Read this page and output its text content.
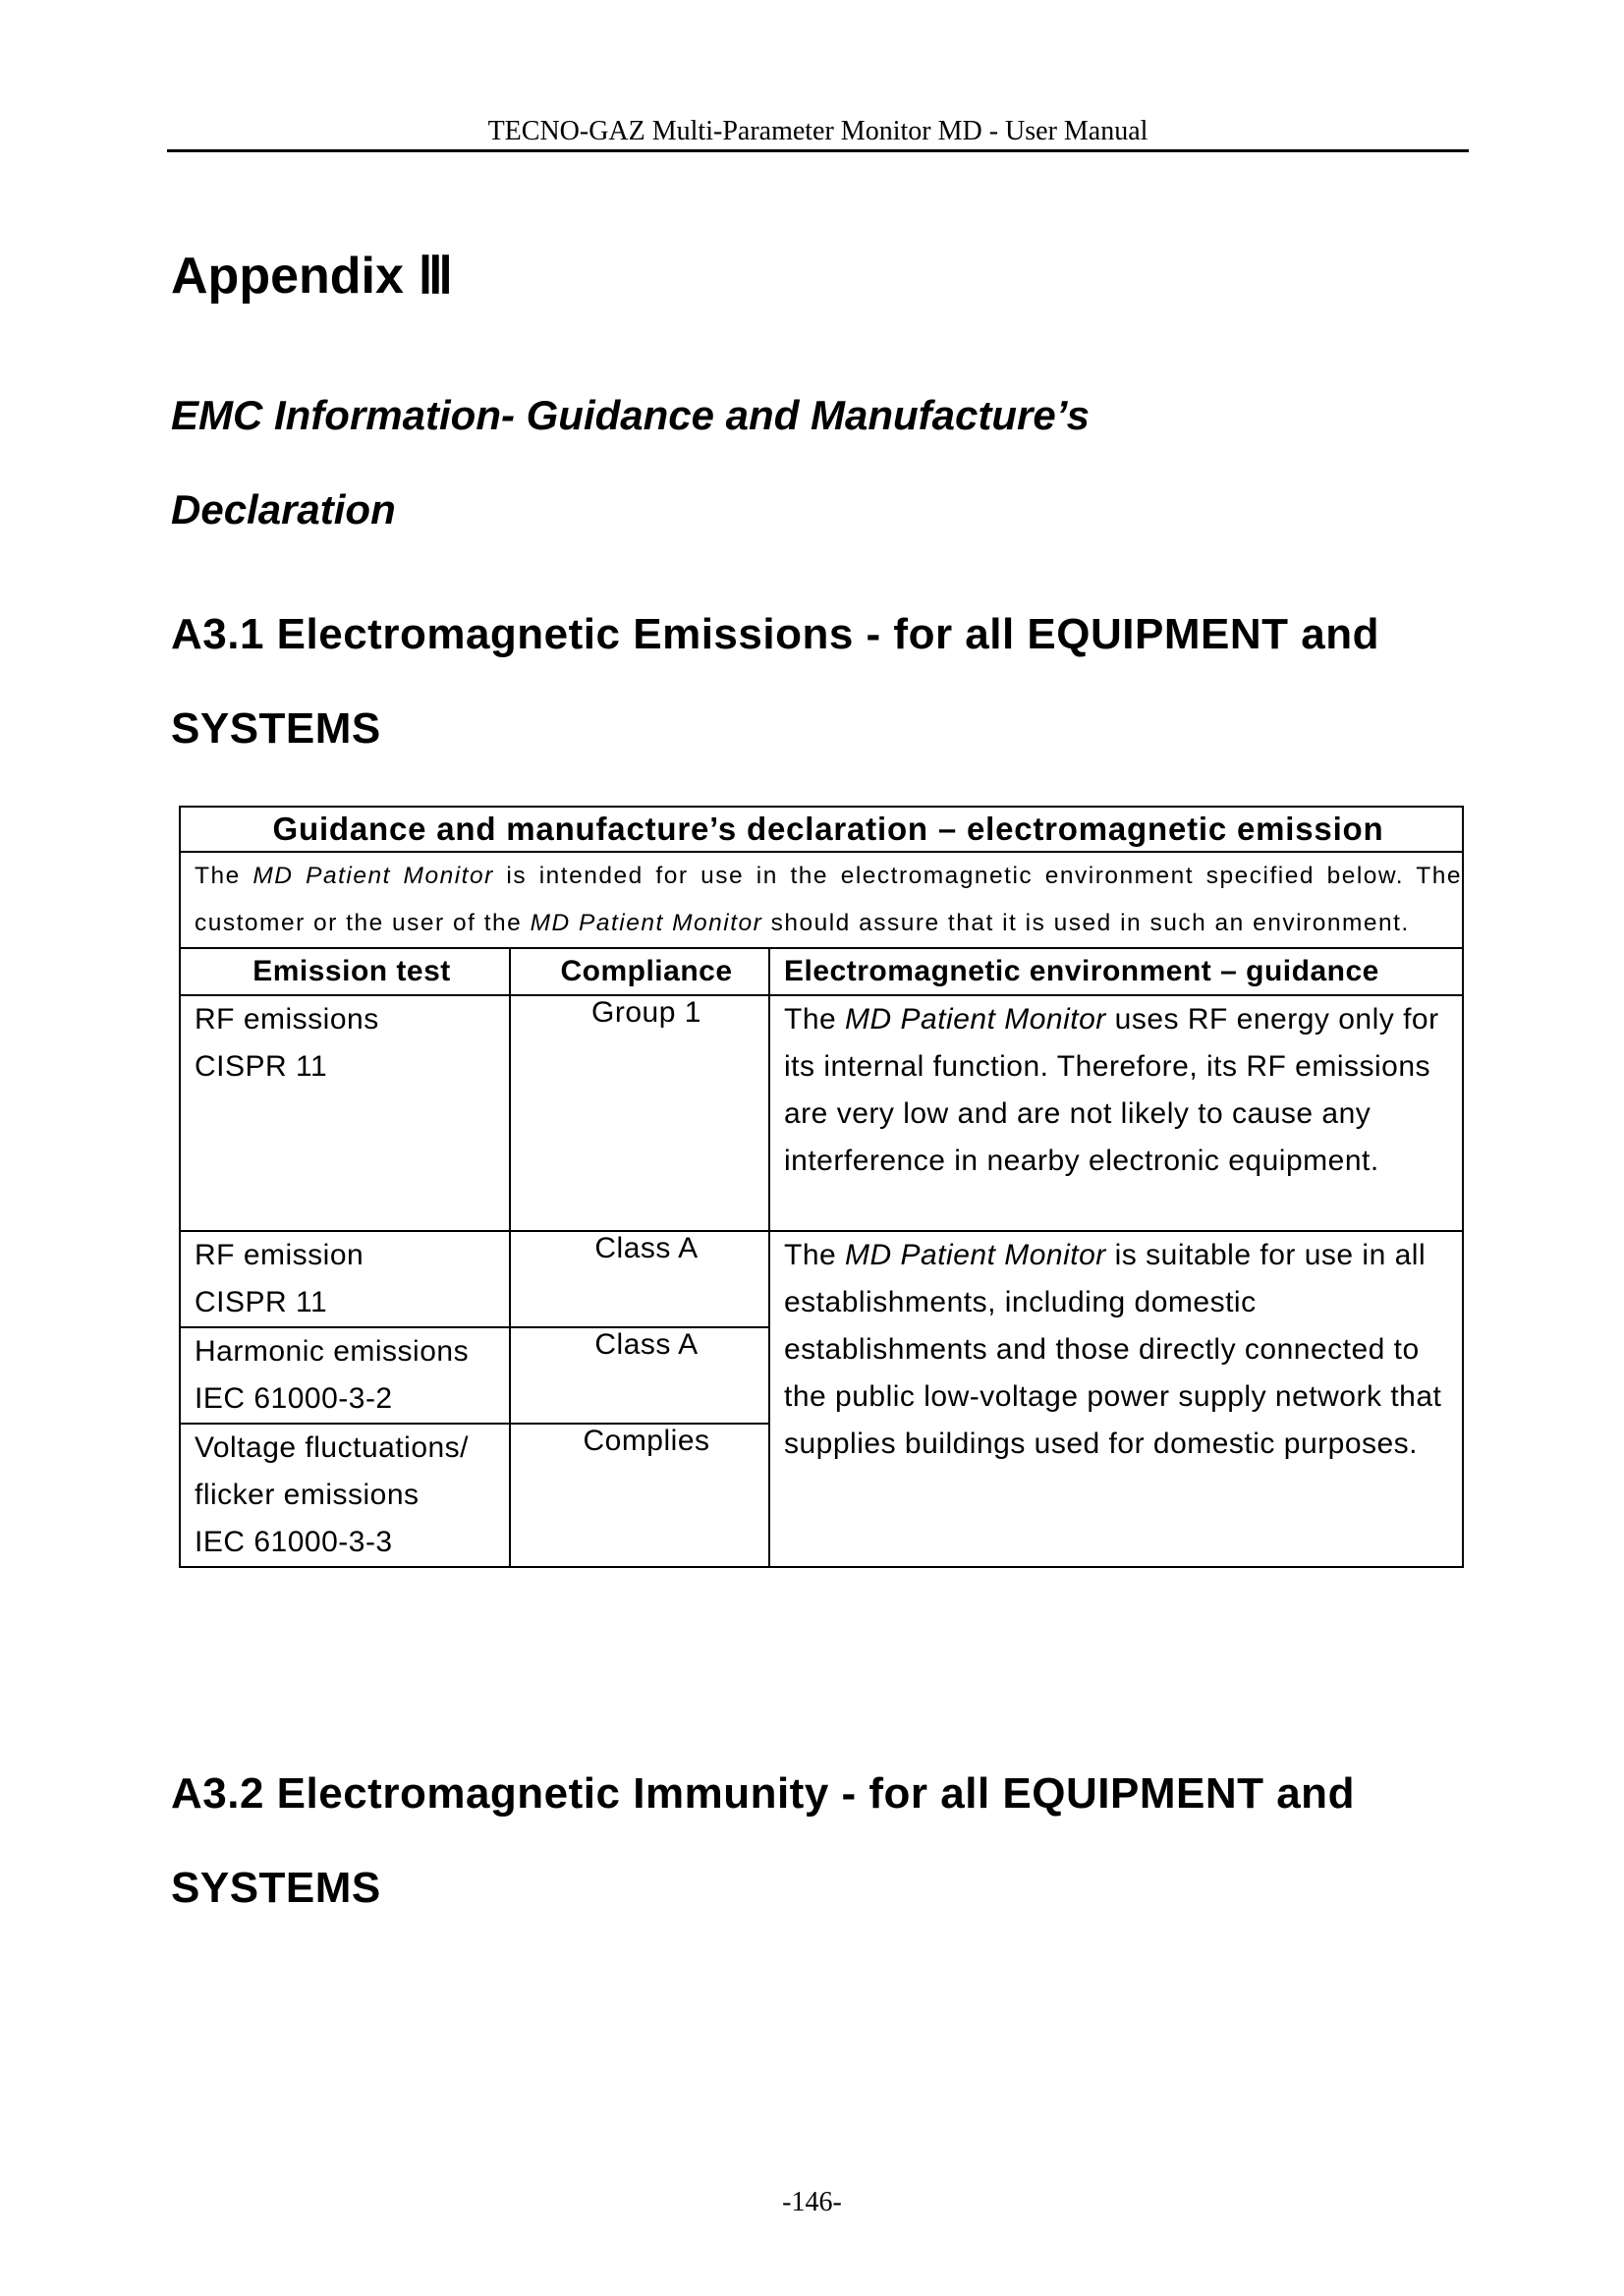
TECNO-GAZ Multi-Parameter Monitor MD - User Manual
Appendix Ⅲ
EMC Information- Guidance and Manufacture’s
Declaration
A3.1 Electromagnetic Emissions - for all EQUIPMENT and
SYSTEMS
Guidance and manufacture’s declaration – electromagnetic emission		
The MD Patient Monitor is intended for use in the electromagnetic environment specified below. The customer or the user of the MD Patient Monitor should assure that it is used in such an environment.		
Emission test	Compliance	Electromagnetic environment – guidance

RF emissions
CISPR 11	Group 1	The MD Patient Monitor uses RF energy only for its internal function. Therefore, its RF emissions are very low and are not likely to cause any interference in nearby electronic equipment.

RF emission
CISPR 11	Class A	The MD Patient Monitor is suitable for use in all establishments, including domestic establishments and those directly connected to the public low-voltage power supply network that supplies buildings used for domestic purposes.

Harmonic emissions
IEC 61000-3-2	Class A	

Voltage fluctuations/
flicker emissions
IEC 61000-3-3	Complies	
A3.2 Electromagnetic Immunity - for all EQUIPMENT and
SYSTEMS
-146-
